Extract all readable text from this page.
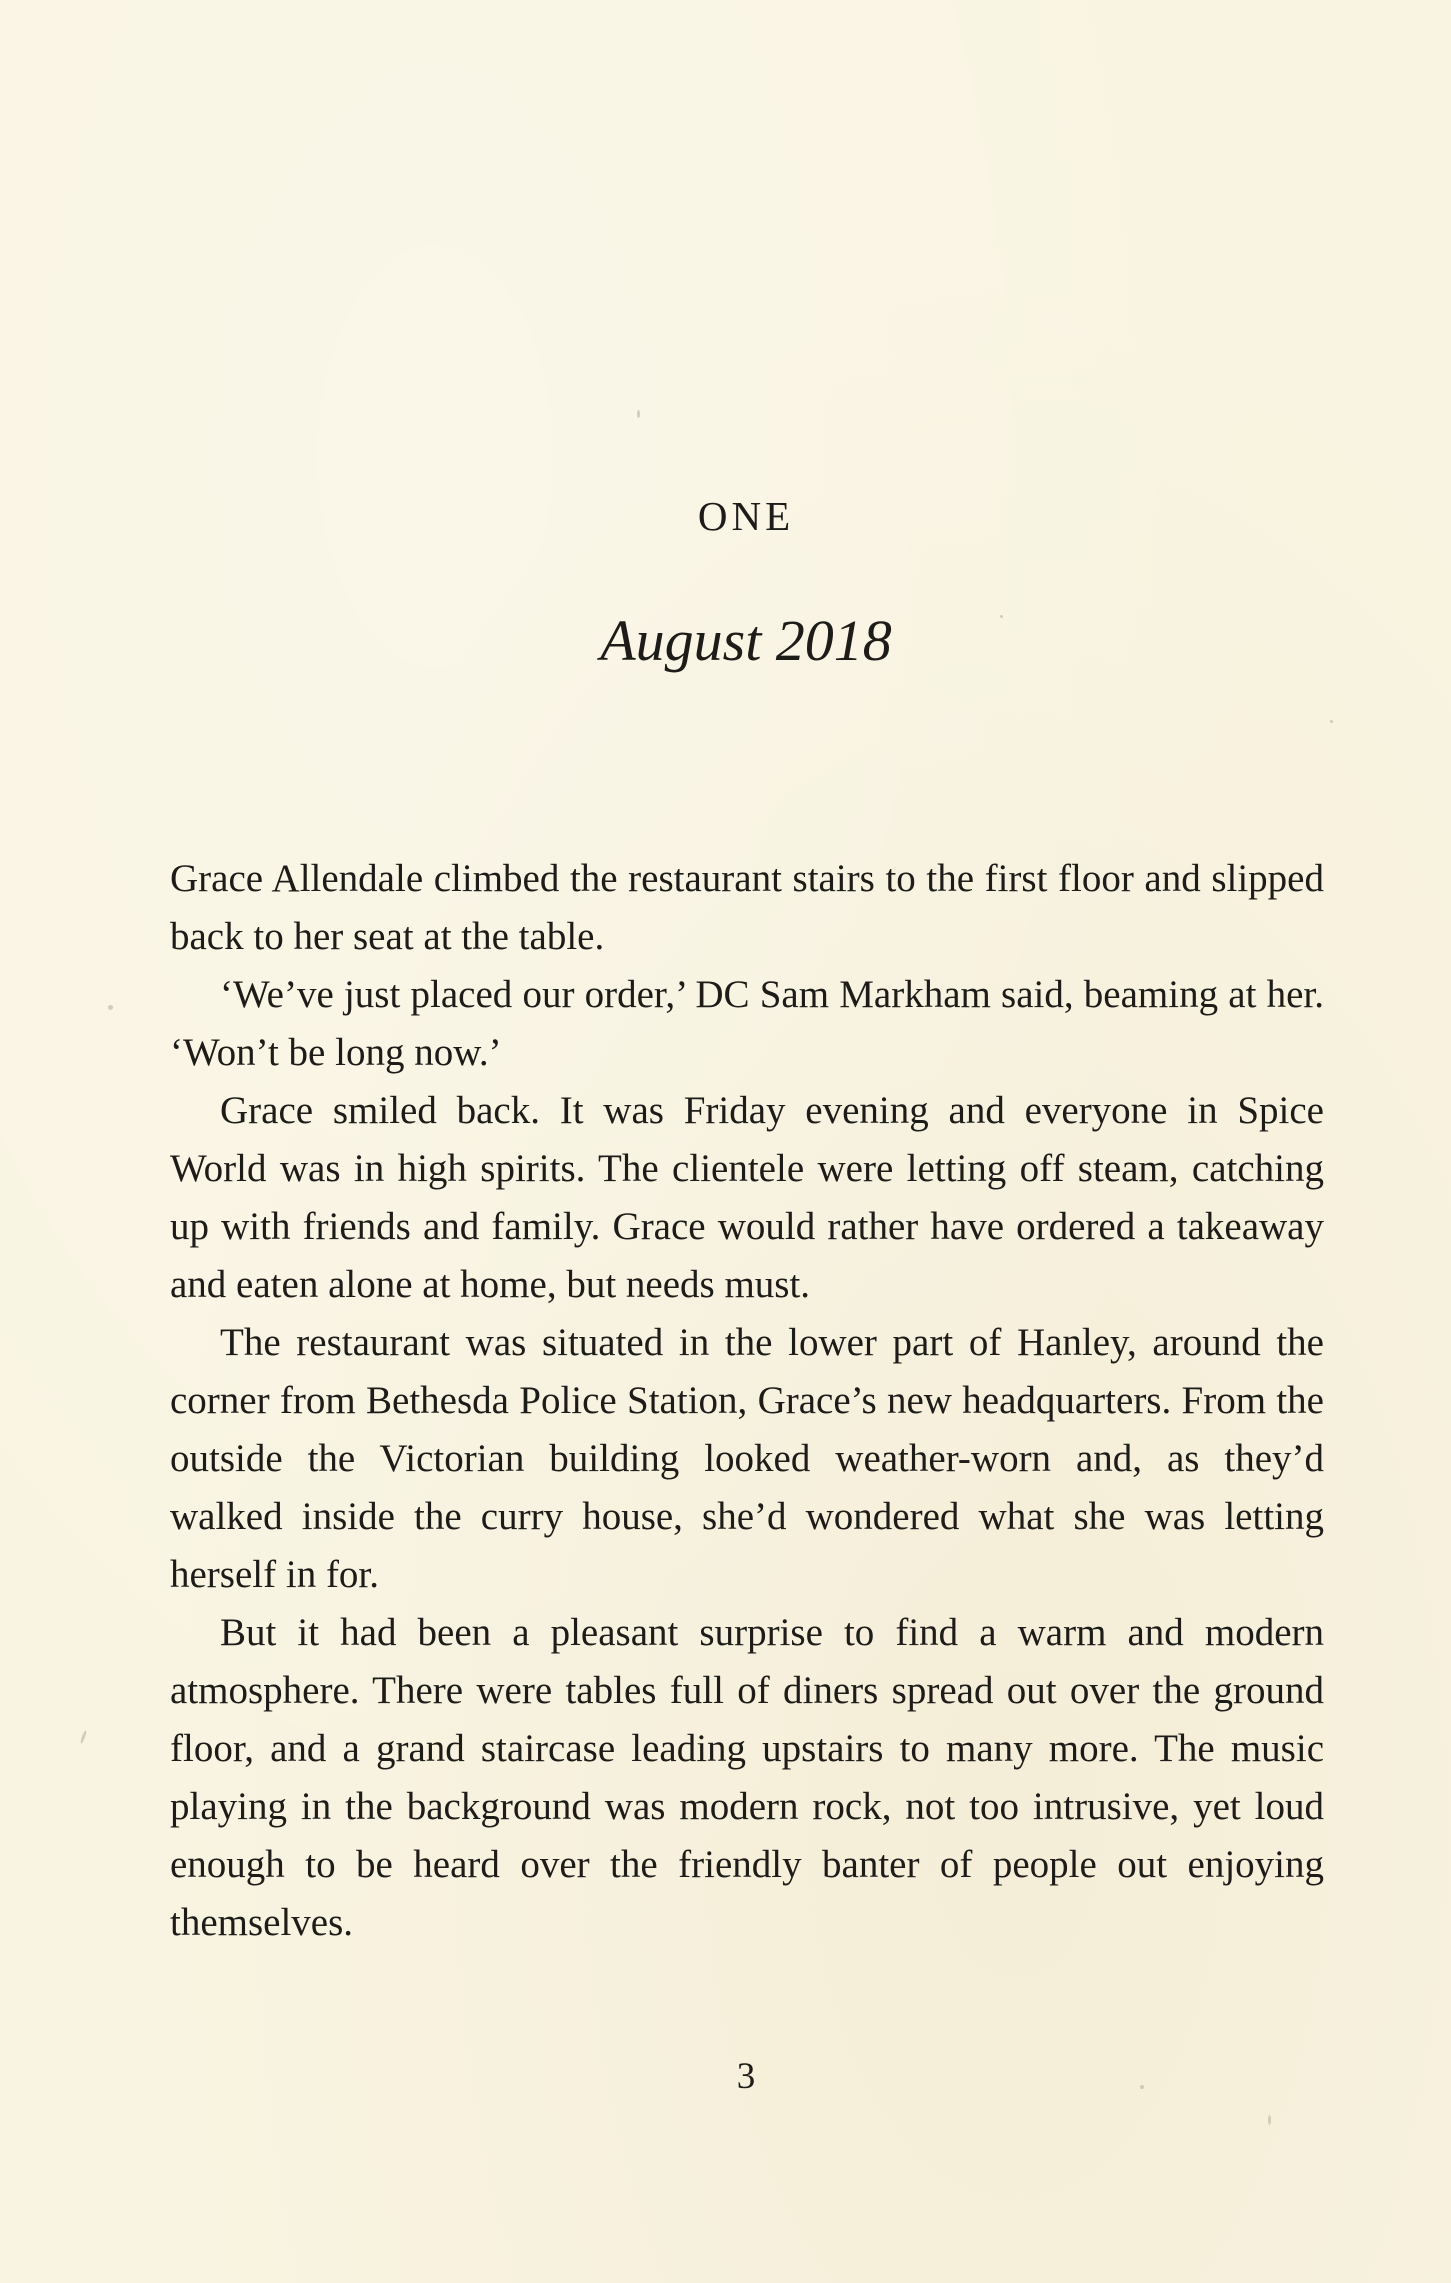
ONE
August 2018

Grace Allendale climbed the restaurant stairs to the first floor and slipped back to her seat at the table.

‘We’ve just placed our order,’ DC Sam Markham said, beaming at her. ‘Won’t be long now.’

Grace smiled back. It was Friday evening and everyone in Spice World was in high spirits. The clientele were letting off steam, catching up with friends and family. Grace would rather have ordered a takeaway and eaten alone at home, but needs must.

The restaurant was situated in the lower part of Hanley, around the corner from Bethesda Police Station, Grace’s new headquarters. From the outside the Victorian building looked weather-worn and, as they’d walked inside the curry house, she’d wondered what she was letting herself in for.

But it had been a pleasant surprise to find a warm and modern atmosphere. There were tables full of diners spread out over the ground floor, and a grand staircase leading upstairs to many more. The music playing in the background was modern rock, not too intrusive, yet loud enough to be heard over the friendly banter of people out enjoying themselves.

3
